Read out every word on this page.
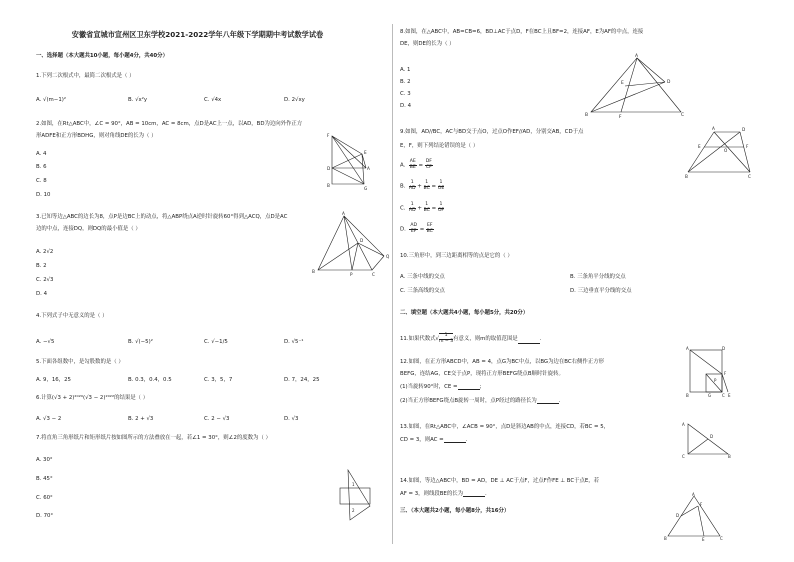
安徽省宣城市宣州区卫东学校2021-2022学年八年级下学期期中考试数学试卷
一、选择题（本大题共10小题，每小题4分，共40分）
1.下列二次根式中，最简二次根式是（ ）
A. √(m−1)²	B. √x²y	C. √4x	D. 2√xy
2.如图，在Rt△ABC中，∠C = 90°，AB = 10cm，AC = 8cm，点D是AC上一点，以AD，BD为边向外作正方
形ADFE和正方形BDHG，则对角线DE的长为（ ）
A. 4
B. 6
C. 8
D. 10
3.已知等边△ABC的边长为8，点P是边BC上的动点，将△ABP绕点A逆时针旋转60°得到△ACQ，点D是AC
边的中点，连接DQ，则DQ的最小值是（ ）
A. 2√2
B. 2
C. 2√3
D. 4
4.下列式子中无意义的是（ ）
A. −√5	B. √(−5)²	C. √−1/5	D. √5⁻¹
5.下面各组数中，是勾股数的是（ ）
A. 9，16，25	B. 0.3，0.4，0.5	C. 3，5，7	D. 7，24，25
6.计算(√3 + 2)²⁰²⁰(√3 − 2)²⁰²²的结果是（ ）
A. √3 − 2	B. 2 + √3	C. 2 − √3	D. √3
7.将直角三角形纸片和矩形纸片按如图所示的方法叠放在一起，若∠1 = 30°，则∠2的度数为（ ）
A. 30°
B. 45°
C. 60°
D. 70°
F
E
D	A
B
G
A
D
Q
B
P	C
1
2
8.如图，在△ABC中，AB=CB=6，BD⊥AC于点D，F在BC上且BF=2，连接AF，E为AF的中点，连接
DE，则DE的长为（ ）
A. 1
B. 2
C. 3
D. 4
9.如图，AD//BC，AC与BD交于点O，过点O作EF//AD，分别交AB，CD于点
E，F，则下列结论错误的是（ ）
A. $\frac{AE}{BE} = \frac{DF}{CF}$
B. $\frac{1}{AD} + \frac{1}{BC} = \frac{1}{OE}$
C. $\frac{1}{AD} + \frac{1}{BC} = \frac{1}{OF}$
D. $\frac{AD}{EF} = \frac{EF}{BC}$
10.三角形中，到三边距离相等的点是它的（ ）
A. 三条中线的交点	B. 三条角平分线的交点
C. 三条高线的交点	D. 三边垂直平分线的交点
二、填空题（本大题共4小题，每小题5分，共20分）
11.如果代数式√ $\frac{1}{m - 3}$ 有意义，则m的取值范围是	.
12.如图，在正方形ABCD中，AB = 4，点G为BC中点，以BG为边在BC右侧作正方形
BEFG，连结AG，CE交于点P，现将正方形BEFG绕点B顺时针旋转。
(1)当旋转90°时，CE =	;
(2)当正方形BEFG绕点B旋转一周时，点P经过的路径长为	.
13.如图，在Rt△ABC中，∠ACB = 90°，点D是斜边AB的中点，连接CD，若BC = 5，
CD = 3，则AC =	.
14.如图，等边△ABC中，BD = AD，DE ⊥ AC于点F，过点F作FE ⊥ BC于点E，若
AF = 3，则线段BE的长为	.
三、（本大题共2小题，每小题8分，共16分）
A
D
E
B	F	C
A	D
E	F
O
B	C
A	D
F
P
B	G	C E
A
D
C	B
A
D
F
B	E	C
